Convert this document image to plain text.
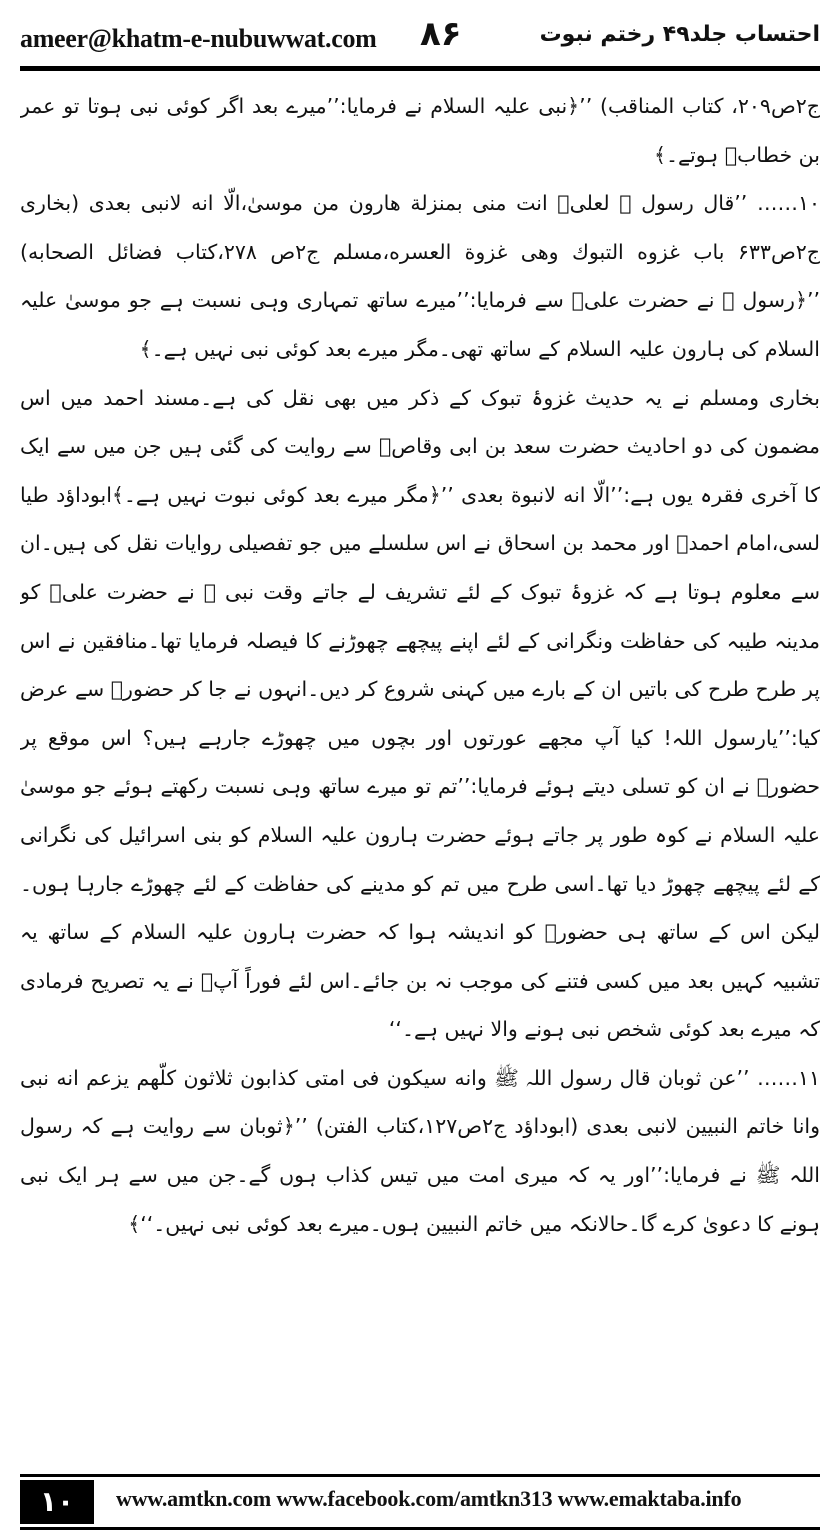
ameer@khatm-e-nubuwwat.com ۸۶	احتساب جلد۴۹ رختم نبوت

ج۲ص۲۰۹، کتاب المناقب) ’’﴿نبی علیہ السلام نے فرمایا:’’میرے بعد اگر کوئی نبی ہوتا تو عمر بن خطابؓ ہوتے۔﴾

۱۰…… ’’قال رسول ﷺ لعلیؓ انت منی بمنزلة هارون من موسیٰ،الّا انه لانبی بعدی (بخاری ج۲ص۶۳۳ باب غزوه التبوك وهی غزوة العسره،مسلم ج۲ص ۲۷۸،کتاب فضائل الصحابه) ’’﴿رسول ﷺ نے حضرت علیؓ سے فرمایا:’’میرے ساتھ تمہاری وہی نسبت ہے جو موسیٰ علیہ السلام کی ہارون علیہ السلام کے ساتھ تھی۔مگر میرے بعد کوئی نبی نہیں ہے۔﴾

بخاری ومسلم نے یہ حدیث غزوۂ تبوک کے ذکر میں بھی نقل کی ہے۔مسند احمد میں اس مضمون کی دو احادیث حضرت سعد بن ابی وقاصؓ سے روایت کی گئی ہیں جن میں سے ایک کا آخری فقرہ یوں ہے:’’الّا انه لانبوة بعدی ’’﴿مگر میرے بعد کوئی نبوت نہیں ہے۔﴾ابوداؤد طیا لسی،امام احمدؒ اور محمد بن اسحاق نے اس سلسلے میں جو تفصیلی روایات نقل کی ہیں۔ان سے معلوم ہوتا ہے کہ غزوۂ تبوک کے لئے تشریف لے جاتے وقت نبی ﷺ نے حضرت علیؓ کو مدینہ طیبہ کی حفاظت ونگرانی کے لئے اپنے پیچھے چھوڑنے کا فیصلہ فرمایا تھا۔منافقین نے اس پر طرح طرح کی باتیں ان کے بارے میں کہنی شروع کر دیں۔انہوں نے جا کر حضورؐ سے عرض کیا:’’یارسول اللہ! کیا آپ مجھے عورتوں اور بچوں میں چھوڑے جارہے ہیں؟ اس موقع پر حضورؐ نے ان کو تسلی دیتے ہوئے فرمایا:’’تم تو میرے ساتھ وہی نسبت رکھتے ہوئے جو موسیٰ علیہ السلام نے کوہ طور پر جاتے ہوئے حضرت ہارون علیہ السلام کو بنی اسرائیل کی نگرانی کے لئے پیچھے چھوڑ دیا تھا۔اسی طرح میں تم کو مدینے کی حفاظت کے لئے چھوڑے جارہا ہوں۔لیکن اس کے ساتھ ہی حضورؐ کو اندیشہ ہوا کہ حضرت ہارون علیہ السلام کے ساتھ یہ تشبیہ کہیں بعد میں کسی فتنے کی موجب نہ بن جائے۔اس لئے فوراً آپؐ نے یہ تصریح فرمادی کہ میرے بعد کوئی شخص نبی ہونے والا نہیں ہے۔‘‘

۱۱…… ’’عن ثوبان قال رسول اللہ ﷺ وانه سيكون فی امتی كذابون ثلاثون كلّهم يزعم انه نبی وانا خاتم النبيين لانبی بعدی (ابوداؤد ج۲ص۱۲۷،کتاب الفتن) ’’﴿ثوبان سے روایت ہے کہ رسول اللہ ﷺ نے فرمایا:’’اور یہ کہ میری امت میں تیس کذاب ہوں گے۔جن میں سے ہر ایک نبی ہونے کا دعویٰ کرے گا۔حالانکہ میں خاتم النبیین ہوں۔میرے بعد کوئی نبی نہیں۔‘‘﴾

۱۰	www.amtkn.com www.facebook.com/amtkn313 www.emaktaba.info
